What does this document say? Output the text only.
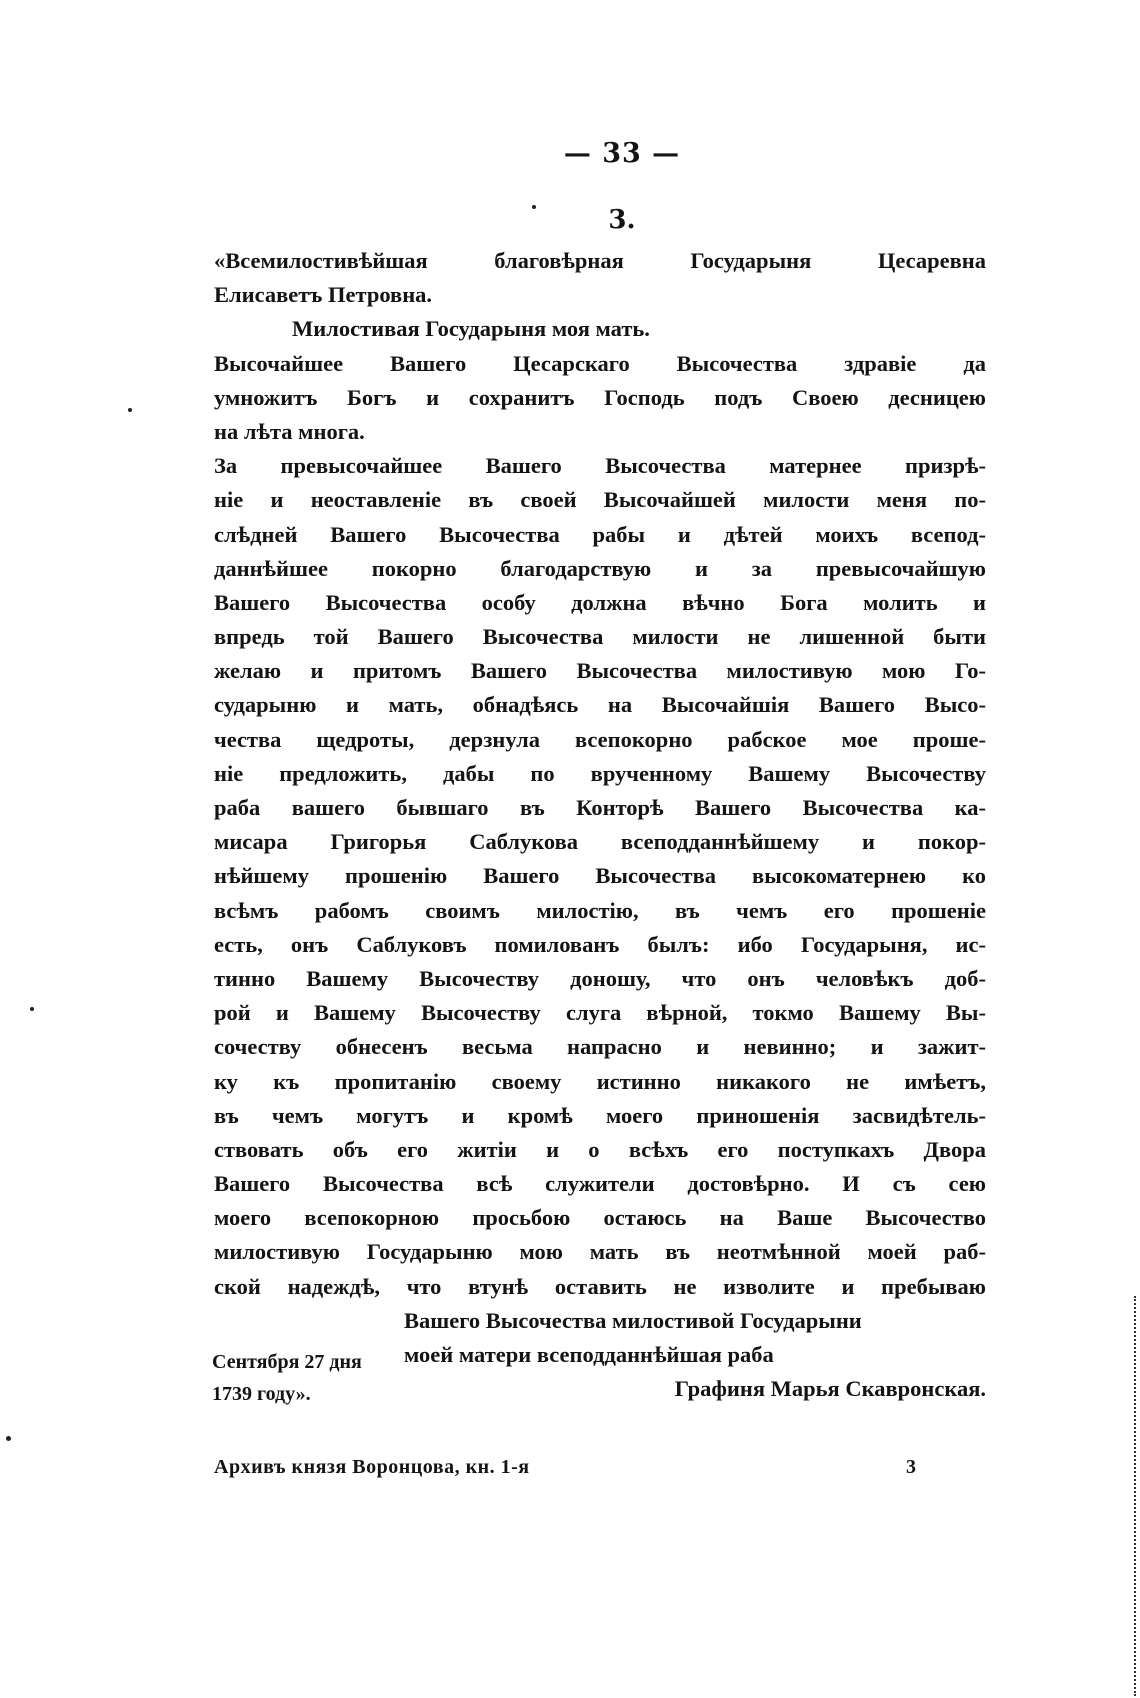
— 33 —
3.
«Всемилостивѣйшая благовѣрная Государыня Цесаревна
Елисаветъ Петровна.
Милостивая Государыня моя мать.
Высочайшее Вашего Цесарскаго Высочества здравіе да
умножитъ Богъ и сохранитъ Господь подъ Своею десницею
на лѣта многа.
За превысочайшее Вашего Высочества матернее призрѣ-
ніе и неоставленіе въ своей Высочайшей милости меня по-
слѣдней Вашего Высочества рабы и дѣтей моихъ всепод-
даннѣйшее покорно благодарствую и за превысочайшую
Вашего Высочества особу должна вѣчно Бога молить и
впредь той Вашего Высочества милости не лишенной быти
желаю и притомъ Вашего Высочества милостивую мою Го-
сударыню и мать, обнадѣясь на Высочайшія Вашего Высо-
чества щедроты, дерзнула всепокорно рабское мое проше-
ніе предложить, дабы по врученному Вашему Высочеству
раба вашего бывшаго въ Конторѣ Вашего Высочества ка-
мисара Григорья Саблукова всеподданнѣйшему и покор-
нѣйшему прошенію Вашего Высочества высокоматернею ко
всѣмъ рабомъ своимъ милостію, въ чемъ его прошеніе
есть, онъ Саблуковъ помилованъ былъ: ибо Государыня, ис-
тинно Вашему Высочеству доношу, что онъ человѣкъ доб-
рой и Вашему Высочеству слуга вѣрной, токмо Вашему Вы-
сочеству обнесенъ весьма напрасно и невинно; и зажит-
ку къ пропитанію своему истинно никакого не имѣетъ,
въ чемъ могутъ и кромѣ моего приношенія засвидѣтель-
ствовать объ его житіи и о всѣхъ его поступкахъ Двора
Вашего Высочества всѣ служители достовѣрно. И съ сею
моего всепокорною просьбою остаюсь на Ваше Высочество
милостивую Государыню мою мать въ неотмѣнной моей раб-
ской надеждѣ, что втунѣ оставить не изволите и пребываю
Вашего Высочества милостивой Государыни
моей матери всеподданнѣйшая раба
Графиня Марья Скавронская.
Сентября 27 дня
1739 году».
Архивъ князя Воронцова, кн. 1-я	3
